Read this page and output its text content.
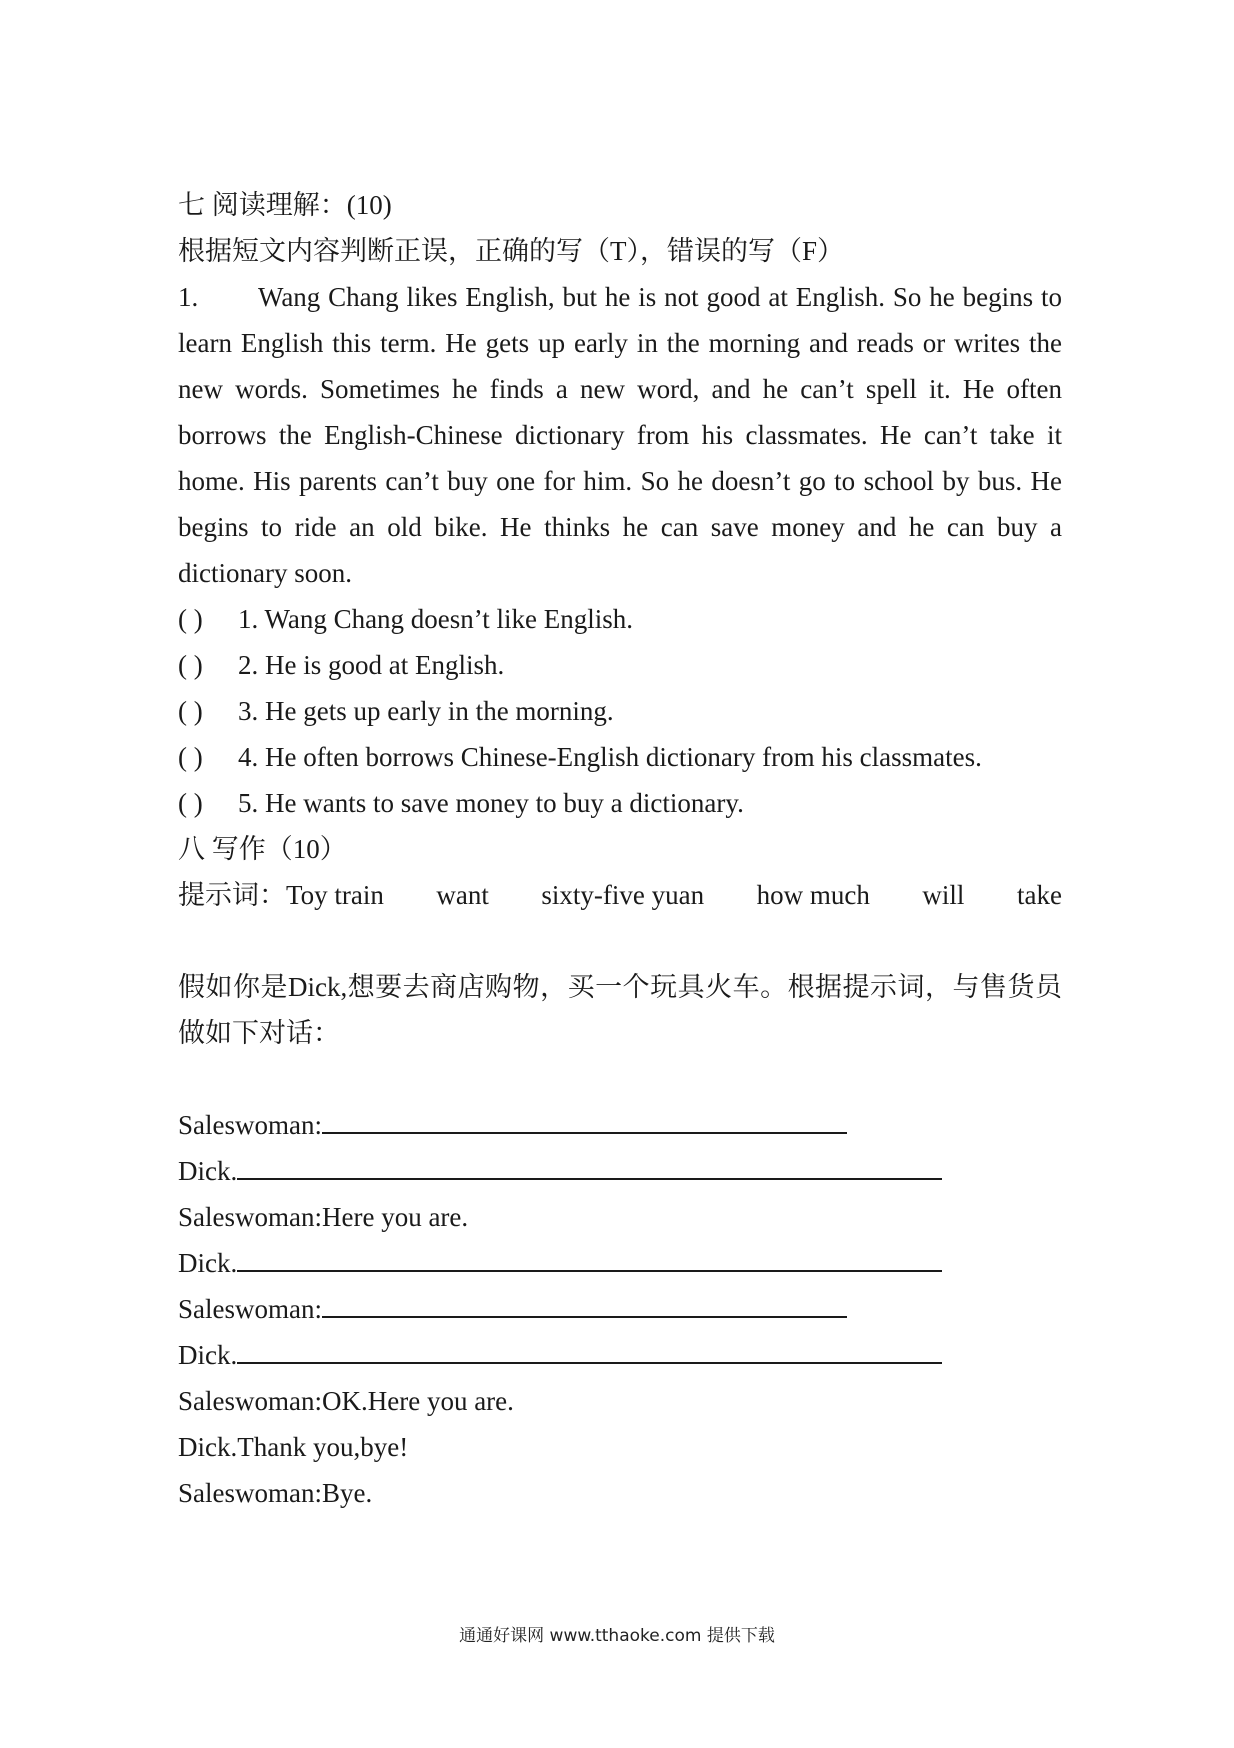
七 阅读理解：(10)
根据短文内容判断正误，正确的写（T），错误的写（F）

1. Wang Chang likes English, but he is not good at English. So he begins to learn English this term. He gets up early in the morning and reads or writes the new words. Sometimes he finds a new word, and he can’t spell it. He often borrows the English-Chinese dictionary from his classmates. He can’t take it home. His parents can’t buy one for him. So he doesn’t go to school by bus. He begins to ride an old bike. He thinks he can save money and he can buy a dictionary soon.

( ) 1. Wang Chang doesn’t like English.
( ) 2. He is good at English.
( ) 3. He gets up early in the morning.
( ) 4. He often borrows Chinese-English dictionary from his classmates.
( ) 5. He wants to save money to buy a dictionary.
八 写作（10）
提示词：Toy train want sixty-five yuan how much will take
假如你是Dick,想要去商店购物，买一个玩具火车。根据提示词，与售货员做如下对话：
Saleswoman:
Dick.
Saleswoman:Here you are.
Dick.
Saleswoman:
Dick.
Saleswoman:OK.Here you are.
Dick.Thank you,bye!
Saleswoman:Bye.
通通好课网 www.tthaoke.com 提供下载
